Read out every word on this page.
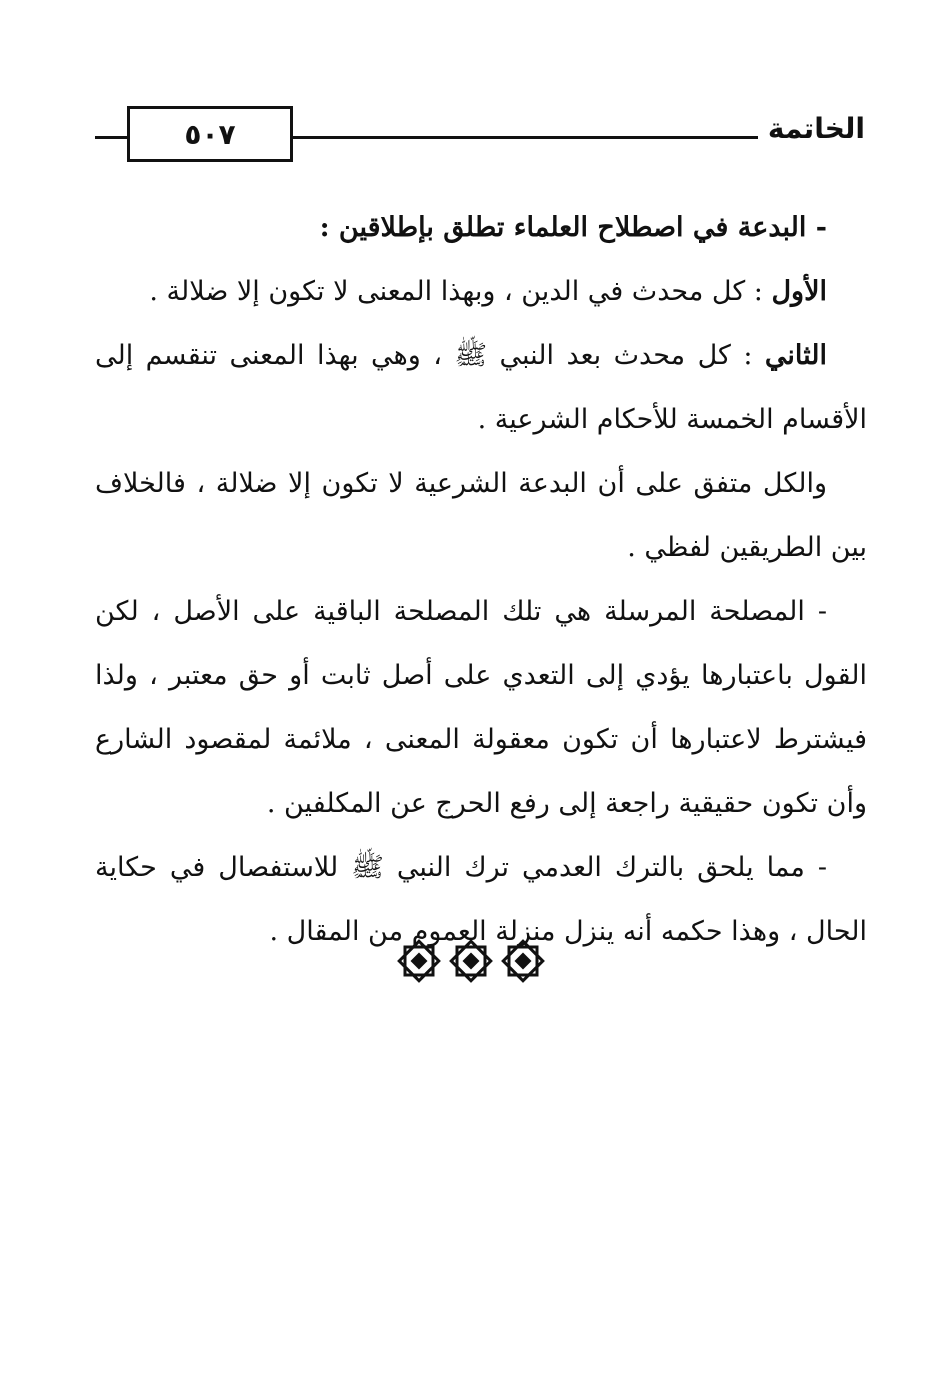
٥٠٧	الخاتمة

- البدعة في اصطلاح العلماء تطلق بإطلاقين :

الأول : كل محدث في الدين ، وبهذا المعنى لا تكون إلا ضلالة .

الثاني : كل محدث بعد النبي ﷺ ، وهي بهذا المعنى تنقسم إلى الأقسام الخمسة للأحكام الشرعية .

والكل متفق على أن البدعة الشرعية لا تكون إلا ضلالة ، فالخلاف بين الطريقين لفظي .

- المصلحة المرسلة هي تلك المصلحة الباقية على الأصل ، لكن القول باعتبارها يؤدي إلى التعدي على أصل ثابت أو حق معتبر ، ولذا فيشترط لاعتبارها أن تكون معقولة المعنى ، ملائمة لمقصود الشارع وأن تكون حقيقية راجعة إلى رفع الحرج عن المكلفين .

- مما يلحق بالترك العدمي ترك النبي ﷺ للاستفصال في حكاية الحال ، وهذا حكمه أنه ينزل منزلة العموم من المقال .
